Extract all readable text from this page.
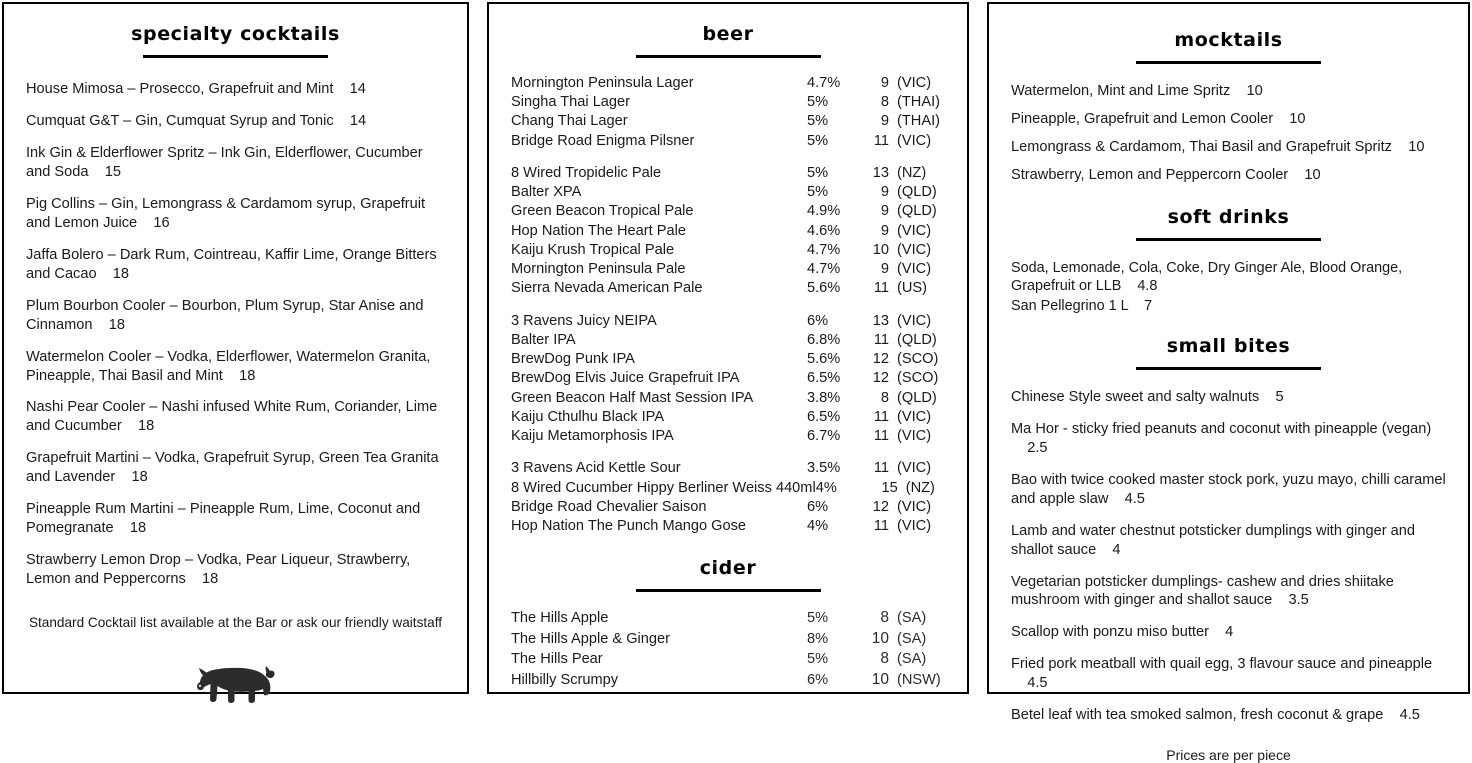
specialty cocktails
House Mimosa – Prosecco, Grapefruit and Mint    14
Cumquat G&T – Gin, Cumquat Syrup and Tonic    14
Ink Gin & Elderflower Spritz – Ink Gin, Elderflower, Cucumber and Soda    15
Pig Collins – Gin, Lemongrass & Cardamom syrup, Grapefruit and Lemon Juice    16
Jaffa Bolero – Dark Rum, Cointreau, Kaffir Lime, Orange Bitters and Cacao    18
Plum Bourbon Cooler – Bourbon, Plum Syrup, Star Anise and Cinnamon    18
Watermelon Cooler – Vodka, Elderflower, Watermelon Granita, Pineapple, Thai Basil and Mint    18
Nashi Pear Cooler – Nashi infused White Rum, Coriander, Lime and Cucumber    18
Grapefruit Martini – Vodka, Grapefruit Syrup, Green Tea Granita and Lavender    18
Pineapple Rum Martini – Pineapple Rum, Lime, Coconut and Pomegranate    18
Strawberry Lemon Drop – Vodka, Pear Liqueur, Strawberry, Lemon and Peppercorns    18
Standard Cocktail list available at the Bar or ask our friendly waitstaff
beer
Mornington Peninsula Lager	4.7%	9 (VIC)
Singha Thai Lager	5%	8 (THAI)
Chang Thai Lager	5%	9 (THAI)
Bridge Road Enigma Pilsner	5%	11 (VIC)
8 Wired Tropidelic Pale	5%	13 (NZ)
Balter XPA	5%	9 (QLD)
Green Beacon Tropical Pale	4.9%	9 (QLD)
Hop Nation The Heart Pale	4.6%	9 (VIC)
Kaiju Krush Tropical Pale	4.7%	10 (VIC)
Mornington Peninsula Pale	4.7%	9 (VIC)
Sierra Nevada American Pale	5.6%	11 (US)
3 Ravens Juicy NEIPA	6%	13 (VIC)
Balter IPA	6.8%	11 (QLD)
BrewDog Punk IPA	5.6%	12 (SCO)
BrewDog Elvis Juice Grapefruit IPA	6.5%	12 (SCO)
Green Beacon Half Mast Session IPA	3.8%	8 (QLD)
Kaiju Cthulhu Black IPA	6.5%	11 (VIC)
Kaiju Metamorphosis IPA	6.7%	11 (VIC)
3 Ravens Acid Kettle Sour	3.5%	11 (VIC)
8 Wired Cucumber Hippy Berliner Weiss 440ml 4%	15 (NZ)
Bridge Road Chevalier Saison	6%	12 (VIC)
Hop Nation The Punch Mango Gose	4%	11 (VIC)
cider
The Hills Apple	5%	8 (SA)
The Hills Apple & Ginger	8%	10 (SA)
The Hills Pear	5%	8 (SA)
Hillbilly Scrumpy	6%	10 (NSW)
mocktails
Watermelon, Mint and Lime Spritz    10
Pineapple, Grapefruit and Lemon Cooler    10
Lemongrass & Cardamom, Thai Basil and Grapefruit Spritz    10
Strawberry, Lemon and Peppercorn Cooler    10
soft drinks
Soda, Lemonade, Cola, Coke, Dry Ginger Ale, Blood Orange, Grapefruit or LLB    4.8
San Pellegrino 1 L    7
small bites
Chinese Style sweet and salty walnuts    5
Ma Hor - sticky fried peanuts and coconut with pineapple (vegan)    2.5
Bao with twice cooked master stock pork, yuzu mayo, chilli caramel and apple slaw    4.5
Lamb and water chestnut potsticker dumplings with ginger and shallot sauce    4
Vegetarian potsticker dumplings- cashew and dries shiitake mushroom with ginger and shallot sauce    3.5
Scallop with ponzu miso butter    4
Fried pork meatball with quail egg, 3 flavour sauce and pineapple    4.5
Betel leaf with tea smoked salmon, fresh coconut & grape    4.5
Prices are per piece
